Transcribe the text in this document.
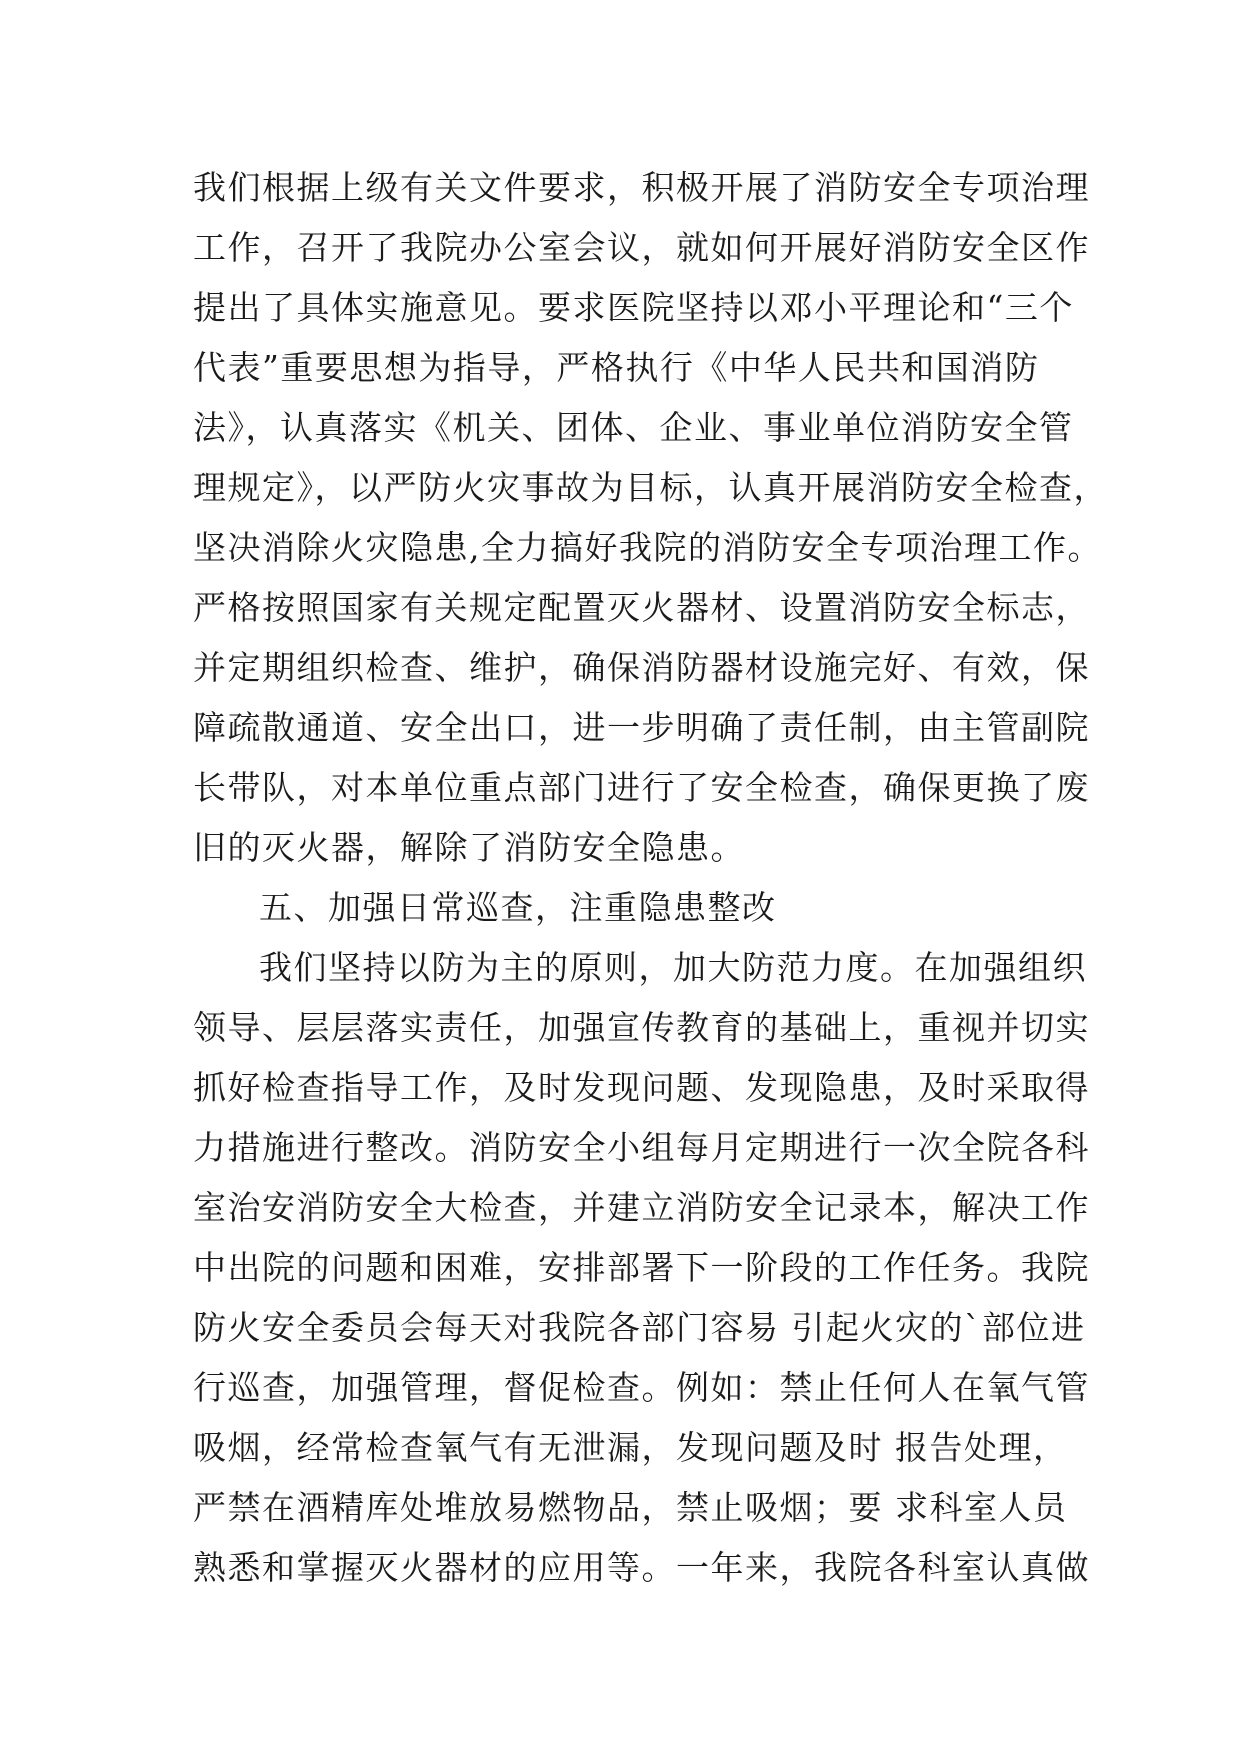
我们根据上级有关文件要求，积极开展了消防安全专项治理
工作，召开了我院办公室会议，就如何开展好消防安全区作
提出了具体实施意见。要求医院坚持以邓小平理论和“三个
代表”重要思想为指导，严格执行《中华人民共和国消防
法》，认真落实《机关、团体、企业、事业单位消防安全管
理规定》，以严防火灾事故为目标，认真开展消防安全检查，
坚决消除火灾隐患,全力搞好我院的消防安全专项治理工作。
严格按照国家有关规定配置灭火器材、设置消防安全标志，
并定期组织检查、维护，确保消防器材设施完好、有效，保
障疏散通道、安全出口，进一步明确了责任制，由主管副院
长带队，对本单位重点部门进行了安全检查，确保更换了废
旧的灭火器，解除了消防安全隐患。
五、加强日常巡查，注重隐患整改
我们坚持以防为主的原则，加大防范力度。在加强组织
领导、层层落实责任，加强宣传教育的基础上，重视并切实
抓好检查指导工作，及时发现问题、发现隐患，及时采取得
力措施进行整改。消防安全小组每月定期进行一次全院各科
室治安消防安全大检查，并建立消防安全记录本，解决工作
中出院的问题和困难，安排部署下一阶段的工作任务。我院
防火安全委员会每天对我院各部门容易 引起火灾的`部位进
行巡查，加强管理，督促检查。例如：禁止任何人在氧气管
吸烟，经常检查氧气有无泄漏，发现问题及时 报告处理，
严禁在酒精库处堆放易燃物品，禁止吸烟；要 求科室人员
熟悉和掌握灭火器材的应用等。一年来，我院各科室认真做
